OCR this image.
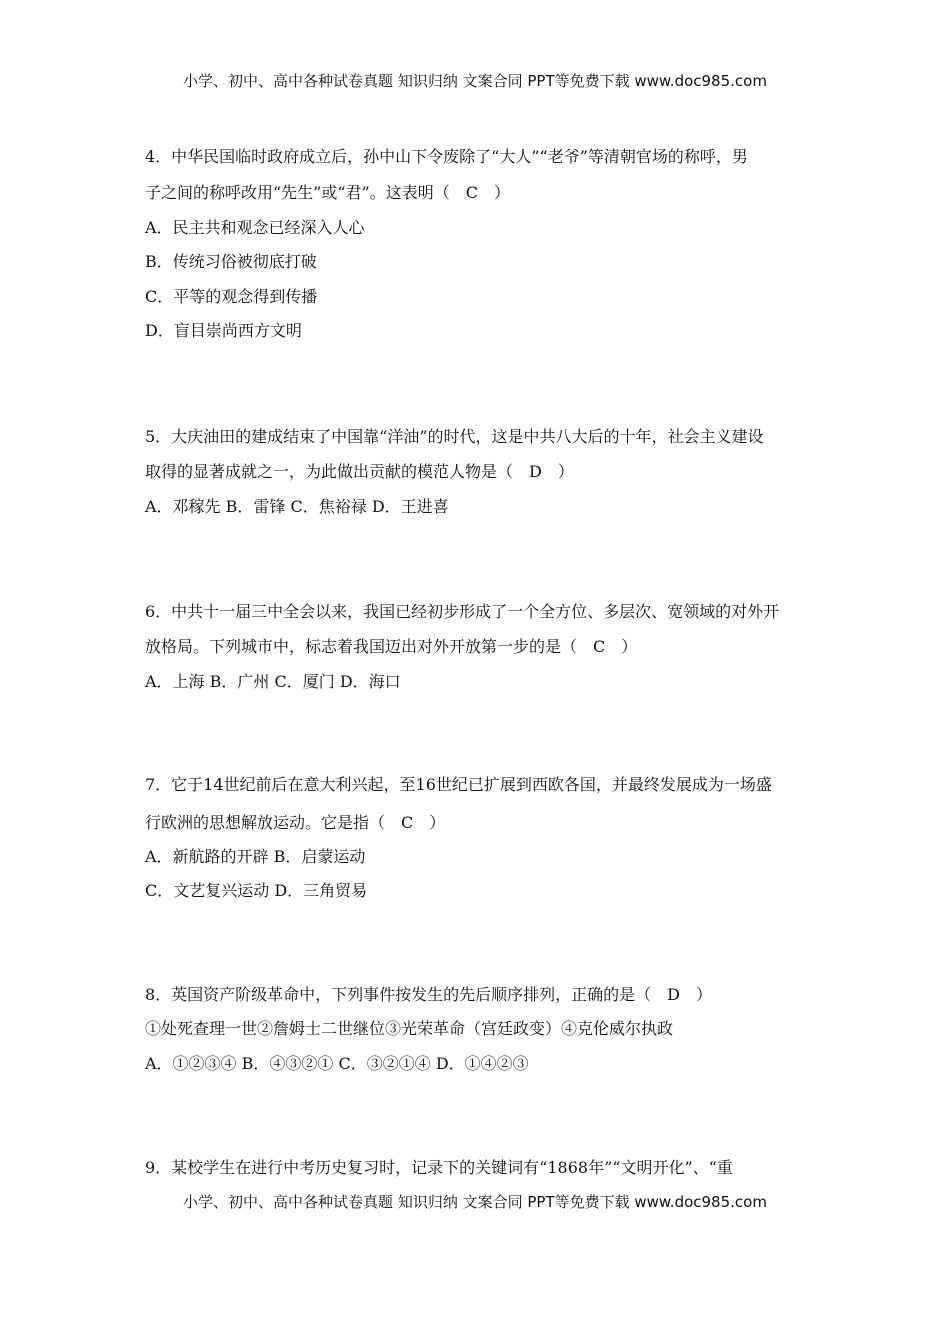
小学、初中、高中各种试卷真题 知识归纳 文案合同 PPT等免费下载 www.doc985.com
4．中华民国临时政府成立后，孙中山下令废除了“大人”“老爷”等清朝官场的称呼，男
子之间的称呼改用“先生”或“君”。这表明（　C　）
A．民主共和观念已经深入人心
B．传统习俗被彻底打破
C．平等的观念得到传播
D．盲目崇尚西方文明
5．大庆油田的建成结束了中国靠“洋油”的时代，这是中共八大后的十年，社会主义建设
取得的显著成就之一，为此做出贡献的模范人物是（　D　）
A．邓稼先 B．雷锋 C．焦裕禄 D．王进喜
6．中共十一届三中全会以来，我国已经初步形成了一个全方位、多层次、宽领域的对外开
放格局。下列城市中，标志着我国迈出对外开放第一步的是（　C　）
A．上海 B．广州 C．厦门 D．海口
7．它于14世纪前后在意大利兴起，至16世纪已扩展到西欧各国，并最终发展成为一场盛
行欧洲的思想解放运动。它是指（　C　）
A．新航路的开辟 B．启蒙运动
C．文艺复兴运动 D．三角贸易
8．英国资产阶级革命中，下列事件按发生的先后顺序排列，正确的是（　D　）
①处死查理一世②詹姆士二世继位③光荣革命（宫廷政变）④克伦威尔执政
A．①②③④ B．④③②① C．③②①④ D．①④②③
9．某校学生在进行中考历史复习时，记录下的关键词有“1868年”“文明开化”、“重
小学、初中、高中各种试卷真题 知识归纳 文案合同 PPT等免费下载 www.doc985.com
